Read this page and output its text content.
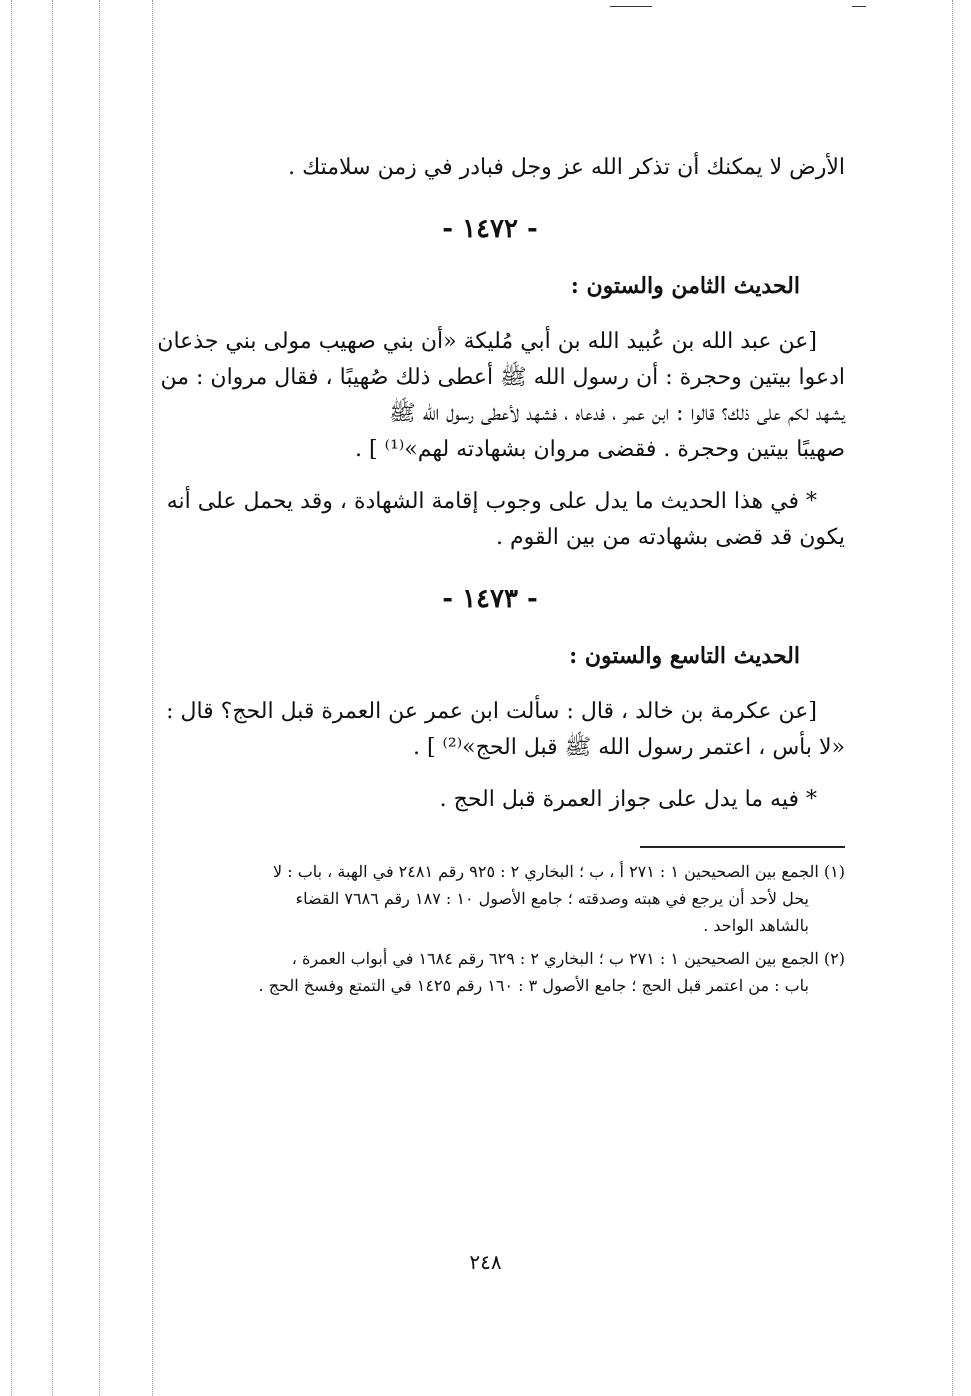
الأرض لا يمكنك أن تذكر الله عز وجل فبادر في زمن سلامتك .

- ١٤٧٢ -
الحديث الثامن والستون :

[عن عبد الله بن عُبيد الله بن أبي مُليكة «أن بني صهيب مولى بني جذعان

ادعوا بيتين وحجرة : أن رسول الله ﷺ أعطى ذلك صُهيبًا ، فقال مروان : من

يشهد لكم على ذلك؟ قالوا : ابن عمر ، فدعاه ، فشهد لأعطى رسول الله ﷺ

صهيبًا بيتين وحجرة . فقضى مروان بشهادته لهم»⁽¹⁾ ] .

* في هذا الحديث ما يدل على وجوب إقامة الشهادة ، وقد يحمل على أنه

يكون قد قضى بشهادته من بين القوم .

- ١٤٧٣ -
الحديث التاسع والستون :

[عن عكرمة بن خالد ، قال : سألت ابن عمر عن العمرة قبل الحج؟ قال :

«لا بأس ، اعتمر رسول الله ﷺ قبل الحج»⁽²⁾ ] .

* فيه ما يدل على جواز العمرة قبل الحج .

(١) الجمع بين الصحيحين ١ : ٢٧١ أ ، ب ؛ البخاري ٢ : ٩٢٥ رقم ٢٤٨١ في الهبة ، باب : لا

يحل لأحد أن يرجع في هبته وصدقته ؛ جامع الأصول ١٠ : ١٨٧ رقم ٧٦٨٦ القضاء

بالشاهد الواحد .

(٢) الجمع بين الصحيحين ١ : ٢٧١ ب ؛ البخاري ٢ : ٦٢٩ رقم ١٦٨٤ في أبواب العمرة ،

باب : من اعتمر قبل الحج ؛ جامع الأصول ٣ : ١٦٠ رقم ١٤٢٥ في التمتع وفسخ الحج .

٢٤٨
